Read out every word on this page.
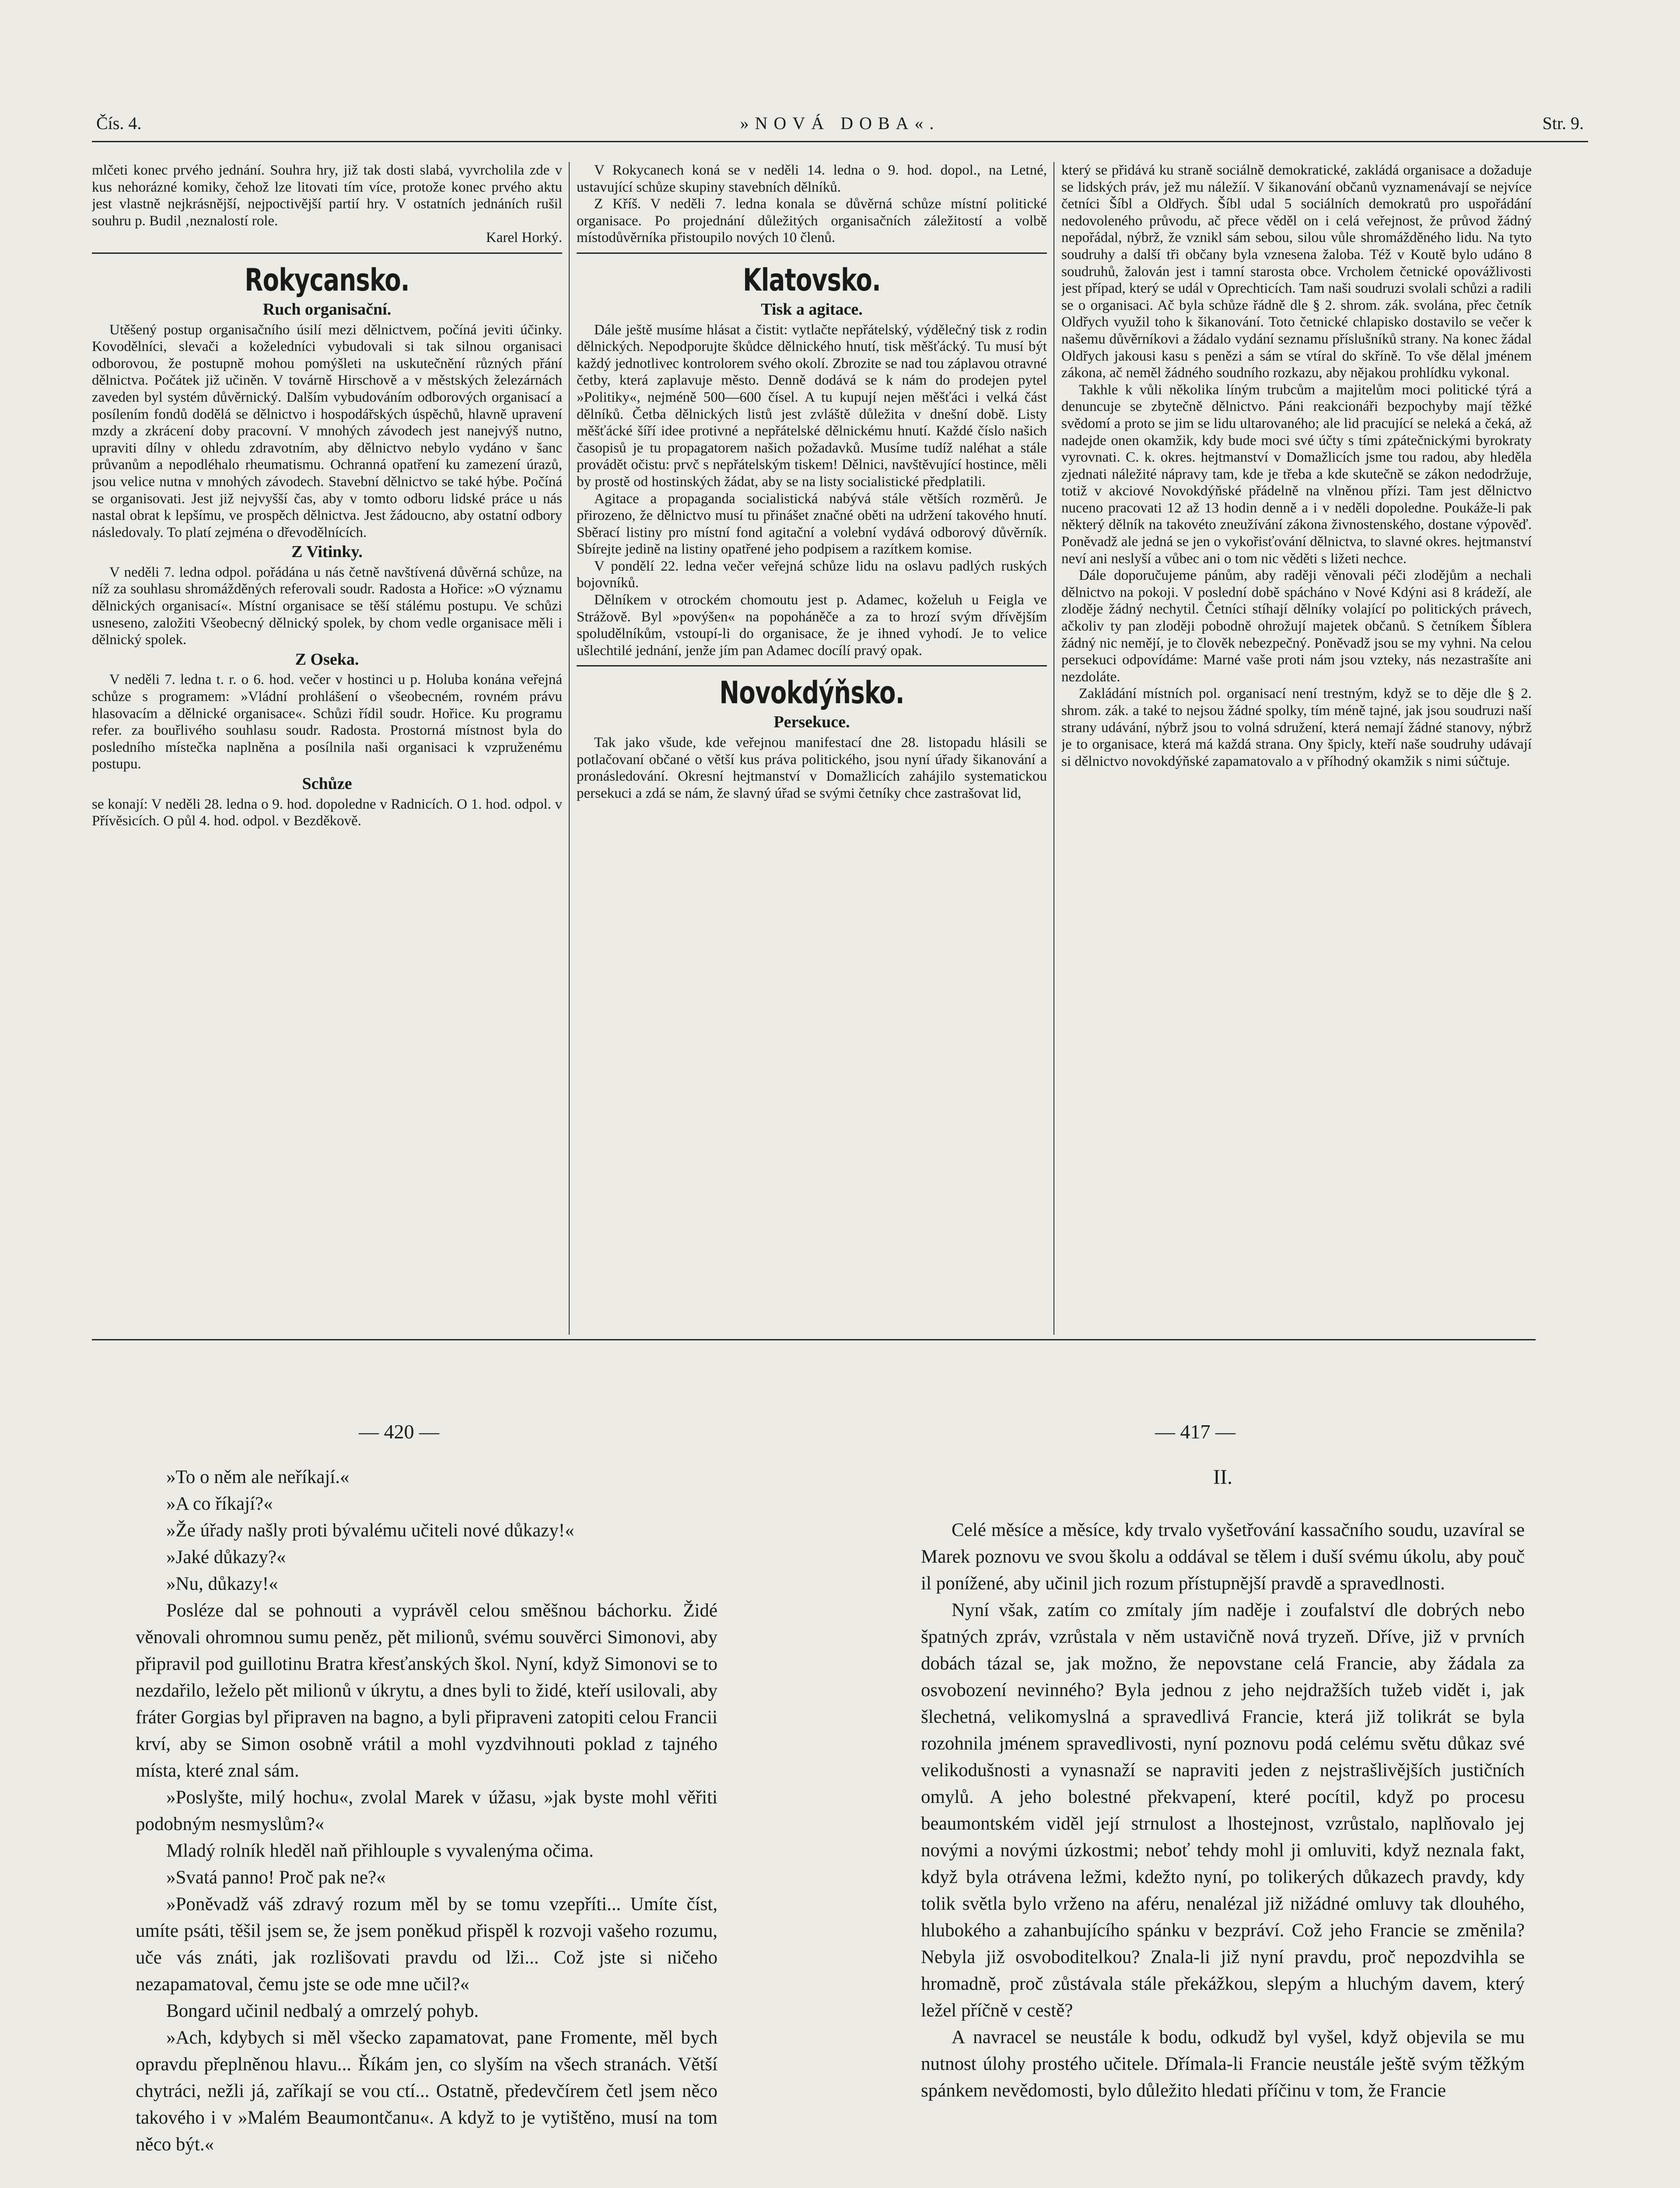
Čís. 4.	»NOVÁ DOBA«.	Str. 9.

mlčeti konec prvého jednání. Souhra hry, již tak dosti slabá, vyvrcholila zde v kus nehorázné komiky, čehož lze litovati tím více, protože konec prvého aktu jest vlastně nejkrásnější, nejpoctivější partií hry. V ostatních jednáních rušil souhru p. Budil ‚neznalostí role.

Karel Horký.
Rokycansko.
Ruch organisační.

Utěšený postup organisačního úsilí mezi dělnictvem, počíná jeviti účinky. Kovodělníci, slevači a koželedníci vybudovali si tak silnou organisaci odborovou, že postupně mohou pomýšleti na uskutečnění různých přání dělnictva. Počátek již učiněn. V továrně Hirschově a v městských železárnách zaveden byl systém důvěrnický. Dalším vybudováním odborových organisací a posílením fondů dodělá se dělnictvo i hospodářských úspěchů, hlavně upravení mzdy a zkrácení doby pracovní. V mnohých závodech jest nanejvýš nutno, upraviti dílny v ohledu zdravotním, aby dělnictvo nebylo vydáno v šanc průvanům a nepodléhalo rheumatismu. Ochranná opatření ku zamezení úrazů, jsou velice nutna v mnohých závodech. Stavební dělnictvo se také hýbe. Počíná se organisovati. Jest již nejvyšší čas, aby v tomto odboru lidské práce u nás nastal obrat k lepšímu, ve prospěch dělnictva. Jest žádoucno, aby ostatní odbory následovaly. To platí zejména o dřevodělnících.

Z Vitinky.

V neděli 7. ledna odpol. pořádána u nás četně navštívená důvěrná schůze, na níž za souhlasu shromážděných referovali soudr. Radosta a Hořice: »O významu dělnických organisací«. Místní organisace se těší stálému postupu. Ve schůzi usneseno, založiti Všeobecný dělnický spolek, by chom vedle organisace měli i dělnický spolek.

Z Oseka.

V neděli 7. ledna t. r. o 6. hod. večer v hostinci u p. Holuba konána veřejná schůze s programem: »Vládní prohlášení o všeobecném, rovném právu hlasovacím a dělnické organisace«. Schůzi řídil soudr. Hořice. Ku programu refer. za bouřlivého souhlasu soudr. Radosta. Prostorná místnost byla do posledního místečka naplněna a posílnila naši organisaci k vzpruženému postupu.

Schůze

se konají: V neděli 28. ledna o 9. hod. dopoledne v Radnicích. O 1. hod. odpol. v Přívěsicích. O půl 4. hod. odpol. v Bezděkově.

V Rokycanech koná se v neděli 14. ledna o 9. hod. dopol., na Letné, ustavující schůze skupiny stavebních dělníků.

Z Kříš. V neděli 7. ledna konala se důvěrná schůze místní politické organisace. Po projednání důležitých organisačních záležitostí a volbě místodůvěrníka přistoupilo nových 10 členů.

Klatovsko.
Tisk a agitace.

Dále ještě musíme hlásat a čistit: vytlačte nepřátelský, výdělečný tisk z rodin dělnických. Nepodporujte škůdce dělnického hnutí, tisk měšťácký. Tu musí být každý jednotlivec kontrolorem svého okolí. Zbrozite se nad tou záplavou otravné četby, která zaplavuje město. Denně dodává se k nám do prodejen pytel »Politiky«, nejméně 500—600 čísel. A tu kupují nejen měšťáci i velká část dělníků. Četba dělnických listů jest zvláště důležita v dnešní době. Listy měšťácké šíří idee protivné a nepřátelské dělnickému hnutí. Každé číslo našich časopisů je tu propagatorem našich požadavků. Musíme tudíž naléhat a stále provádět očistu: prvč s nepřátelským tiskem! Dělnici, navštěvující hostince, měli by prostě od hostinských žádat, aby se na listy socialistické předplatili.

Agitace a propaganda socialistická nabývá stále větších rozměrů. Je přirozeno, že dělnictvo musí tu přinášet značné oběti na udržení takového hnutí. Sběrací listiny pro místní fond agitační a volební vydává odborový důvěrník. Sbírejte jedině na listiny opatřené jeho podpisem a razítkem komise.

V pondělí 22. ledna večer veřejná schůze lidu na oslavu padlých ruských bojovníků.

Dělníkem v otrockém chomoutu jest p. Adamec, koželuh u Feigla ve Strážově. Byl »povýšen« na popoháněče a za to hrozí svým dřívějším spoludělníkům, vstoupí-li do organisace, že je ihned vyhodí. Je to velice ušlechtilé jednání, jenže jím pan Adamec docílí pravý opak.

Novokdýňsko.
Persekuce.

Tak jako všude, kde veřejnou manifestací dne 28. listopadu hlásili se potlačovaní občané o větší kus práva politického, jsou nyní úřady šikanování a pronásledování. Okresní hejtmanství v Domažlicích zahájilo systematickou persekuci a zdá se nám, že slavný úřad se svými četníky chce zastrašovat lid,

který se přidává ku straně sociálně demokratické, zakládá organisace a dožaduje se lidských práv, jež mu náležíí. V šikanování občanů vyznamenávají se nejvíce četníci Šíbl a Oldřych. Šíbl udal 5 sociálních demokratů pro uspořádání nedovoleného průvodu, ač přece věděl on i celá veřejnost, že průvod žádný nepořádal, nýbrž, že vznikl sám sebou, silou vůle shromážděného lidu. Na tyto soudruhy a další tři občany byla vznesena žaloba. Též v Koutě bylo udáno 8 soudruhů, žalován jest i tamní starosta obce. Vrcholem četnické opovážlivosti jest případ, který se udál v Oprechticích. Tam naši soudruzi svolali schůzi a radili se o organisaci. Ač byla schůze řádně dle § 2. shrom. zák. svolána, přec četník Oldřych využil toho k šikanování. Toto četnické chlapisko dostavilo se večer k našemu důvěrníkovi a žádalo vydání seznamu příslušníků strany. Na konec žádal Oldřych jakousi kasu s penězi a sám se vtíral do skříně. To vše dělal jménem zákona, ač neměl žádného soudního rozkazu, aby nějakou prohlídku vykonal.

Takhle k vůli několika líným trubcům a majitelům moci politické týrá a denuncuje se zbytečně dělnictvo. Páni reakcionáři bezpochyby mají těžké svědomí a proto se jim se lidu ultarovaného; ale lid pracující se neleká a čeká, až nadejde onen okamžik, kdy bude moci své účty s tími zpátečnickými byrokraty vyrovnati. C. k. okres. hejtmanství v Domažlicích jsme tou radou, aby hleděla zjednati náležité nápravy tam, kde je třeba a kde skutečně se zákon nedodržuje, totiž v akciové Novokdýňské přádelně na vlněnou přízi. Tam jest dělnictvo nuceno pracovati 12 až 13 hodin denně a i v neděli dopoledne. Poukáže-li pak některý dělník na takovéto zneužívání zákona živnostenského, dostane výpověď. Poněvadž ale jedná se jen o vykořisťování dělnictva, to slavné okres. hejtmanství neví ani neslyší a vůbec ani o tom nic věděti s ližeti nechce.

Dále doporučujeme pánům, aby raději věnovali péči zlodějům a nechali dělnictvo na pokoji. V poslední době spácháno v Nové Kdýni asi 8 krádeží, ale zloděje žádný nechytil. Četníci stíhají dělníky volající po politických právech, ačkoliv ty pan zloději pobodně ohrožují majetek občanů. S četníkem Šíblera žádný nic nemějí, je to člověk nebezpečný. Poněvadž jsou se my vyhni. Na celou persekuci odpovídáme: Marné vaše proti nám jsou vzteky, nás nezastrašíte ani nezdoláte.

Zakládání místních pol. organisací není trestným, když se to děje dle § 2. shrom. zák. a také to nejsou žádné spolky, tím méně tajné, jak jsou soudruzi naší strany udávání, nýbrž jsou to volná sdružení, která nemají žádné stanovy, nýbrž je to organisace, která má každá strana. Ony špicly, kteří naše soudruhy udávají si dělnictvo novokdýňské zapamatovalo a v příhodný okamžik s nimi súčtuje.

— 420 —

»To o něm ale neříkají.«

»A co říkají?«

»Že úřady našly proti bývalému učiteli nové důkazy!«

»Jaké důkazy?«

»Nu, důkazy!«

Posléze dal se pohnouti a vyprávěl celou směšnou báchorku. Židé věnovali ohromnou sumu peněz, pět milionů, svému souvěrci Simonovi, aby připravil pod guillotinu Bratra křesťanských škol. Nyní, když Simonovi se to nezdařilo, leželo pět milionů v úkrytu, a dnes byli to židé, kteří usilovali, aby fráter Gorgias byl připraven na bagno, a byli připraveni zatopiti celou Francii krví, aby se Simon osobně vrátil a mohl vyzdvihnouti poklad z tajného místa, které znal sám.

»Poslyšte, milý hochu«, zvolal Marek v úžasu, »jak byste mohl věřiti podobným nesmyslům?«

Mladý rolník hleděl naň přihlouple s vyvalenýma očima.

»Svatá panno! Proč pak ne?«

»Poněvadž váš zdravý rozum měl by se tomu vzepříti... Umíte číst, umíte psáti, těšil jsem se, že jsem poněkud přispěl k rozvoji vašeho rozumu, uče vás znáti, jak rozlišovati pravdu od lži... Což jste si ničeho nezapamatoval, čemu jste se ode mne učil?«

Bongard učinil nedbalý a omrzelý pohyb.

»Ach, kdybych si měl všecko zapamatovat, pane Fromente, měl bych opravdu přeplněnou hlavu... Říkám jen, co slyším na všech stranách. Větší chytráci, nežli já, zaříkají se vou ctí... Ostatně, předevčírem četl jsem něco takového i v »Malém Beaumontčanu«. A když to je vytištěno, musí na tom něco být.«

— 417 —
II.

Celé měsíce a měsíce, kdy trvalo vyšetřování kassačního soudu, uzavíral se Marek poznovu ve svou školu a oddával se tělem i duší svému úkolu, aby pouč il ponížené, aby učinil jich rozum přístupnější pravdě a spravedlnosti.

Nyní však, zatím co zmítaly jím naděje i zoufalství dle dobrých nebo špatných zpráv, vzrůstala v něm ustavičně nová tryzeň. Dříve, již v prvních dobách tázal se, jak možno, že nepovstane celá Francie, aby žádala za osvobození nevinného? Byla jednou z jeho nejdražších tužeb vidět i, jak šlechetná, velikomyslná a spravedlivá Francie, která již tolikrát se byla rozohnila jménem spravedlivosti, nyní poznovu podá celému světu důkaz své velikodušnosti a vynasnaží se napraviti jeden z nejstrašlivějších justičních omylů. A jeho bolestné překvapení, které pocítil, když po procesu beaumontském viděl její strnulost a lhostejnost, vzrůstalo, naplňovalo jej novými a novými úzkostmi; neboť tehdy mohl ji omluviti, když neznala fakt, když byla otrávena ležmi, kdežto nyní, po tolikerých důkazech pravdy, kdy tolik světla bylo vrženo na aféru, nenalézal již nižádné omluvy tak dlouhého, hlubokého a zahanbujícího spánku v bezpráví. Což jeho Francie se změnila? Nebyla již osvoboditelkou? Znala-li již nyní pravdu, proč nepozdvihla se hromadně, proč zůstávala stále překážkou, slepým a hluchým davem, který ležel příčně v cestě?

A navracel se neustále k bodu, odkudž byl vyšel, když objevila se mu nutnost úlohy prostého učitele. Dřímala-li Francie neustále ještě svým těžkým spánkem nevědomosti, bylo důležito hledati příčinu v tom, že Francie
